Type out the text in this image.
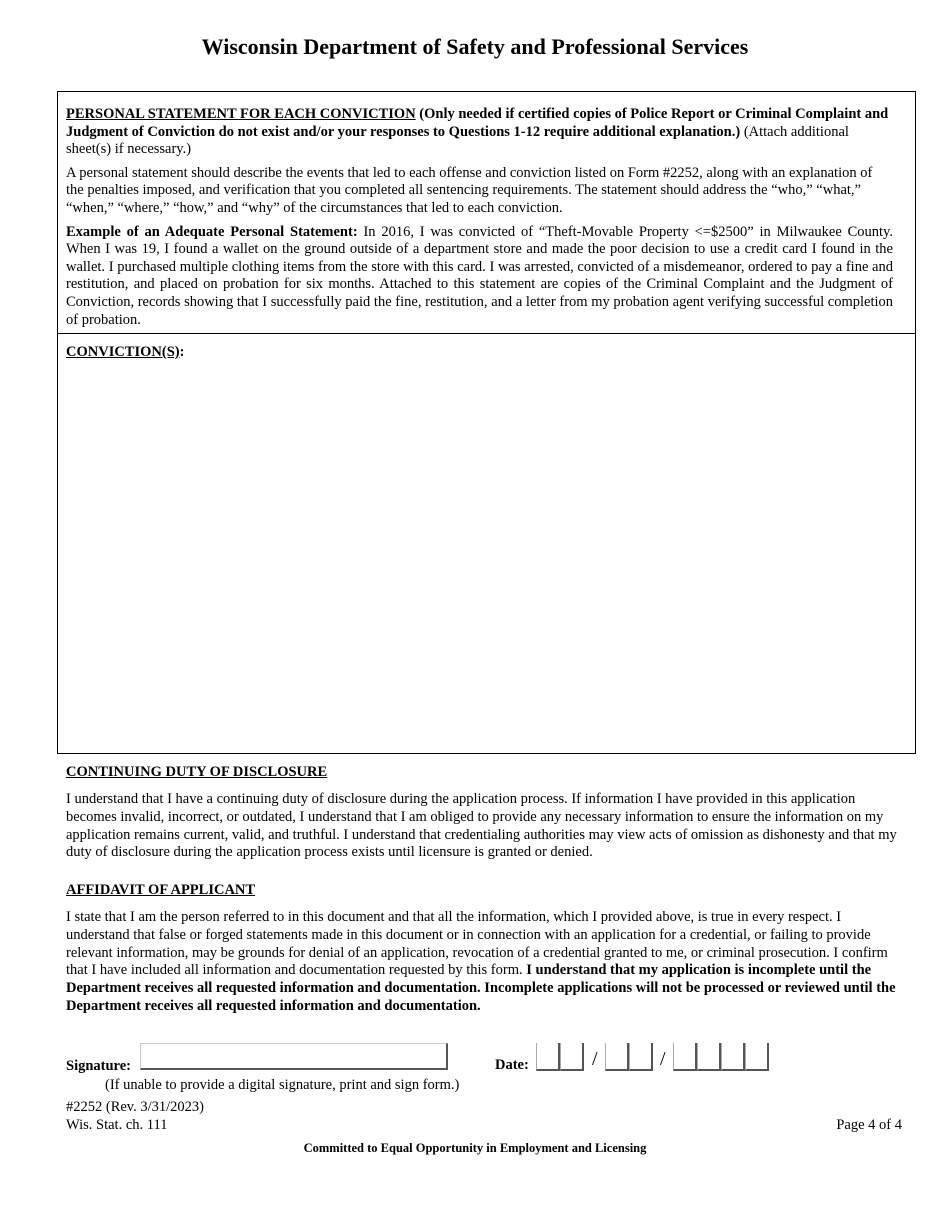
Wisconsin Department of Safety and Professional Services

PERSONAL STATEMENT FOR EACH CONVICTION (Only needed if certified copies of Police Report or Criminal Complaint and Judgment of Conviction do not exist and/or your responses to Questions 1-12 require additional explanation.) (Attach additional sheet(s) if necessary.)

A personal statement should describe the events that led to each offense and conviction listed on Form #2252, along with an explanation of the penalties imposed, and verification that you completed all sentencing requirements. The statement should address the “who,” “what,” “when,” “where,” “how,” and “why” of the circumstances that led to each conviction.

Example of an Adequate Personal Statement: In 2016, I was convicted of “Theft-Movable Property <=$2500” in Milwaukee County. When I was 19, I found a wallet on the ground outside of a department store and made the poor decision to use a credit card I found in the wallet. I purchased multiple clothing items from the store with this card. I was arrested, convicted of a misdemeanor, ordered to pay a fine and restitution, and placed on probation for six months. Attached to this statement are copies of the Criminal Complaint and the Judgment of Conviction, records showing that I successfully paid the fine, restitution, and a letter from my probation agent verifying successful completion of probation.

CONVICTION(S):

CONTINUING DUTY OF DISCLOSURE

I understand that I have a continuing duty of disclosure during the application process. If information I have provided in this application becomes invalid, incorrect, or outdated, I understand that I am obliged to provide any necessary information to ensure the information on my application remains current, valid, and truthful. I understand that credentialing authorities may view acts of omission as dishonesty and that my duty of disclosure during the application process exists until licensure is granted or denied.

AFFIDAVIT OF APPLICANT

I state that I am the person referred to in this document and that all the information, which I provided above, is true in every respect. I understand that false or forged statements made in this document or in connection with an application for a credential, or failing to provide relevant information, may be grounds for denial of an application, revocation of a credential granted to me, or criminal prosecution. I confirm that I have included all information and documentation requested by this form. I understand that my application is incomplete until the Department receives all requested information and documentation. Incomplete applications will not be processed or reviewed until the Department receives all requested information and documentation.

Signature:	Date:	/	/
(If unable to provide a digital signature, print and sign form.)
#2252 (Rev. 3/31/2023)
Wis. Stat. ch. 111	Page 4 of 4
Committed to Equal Opportunity in Employment and Licensing
